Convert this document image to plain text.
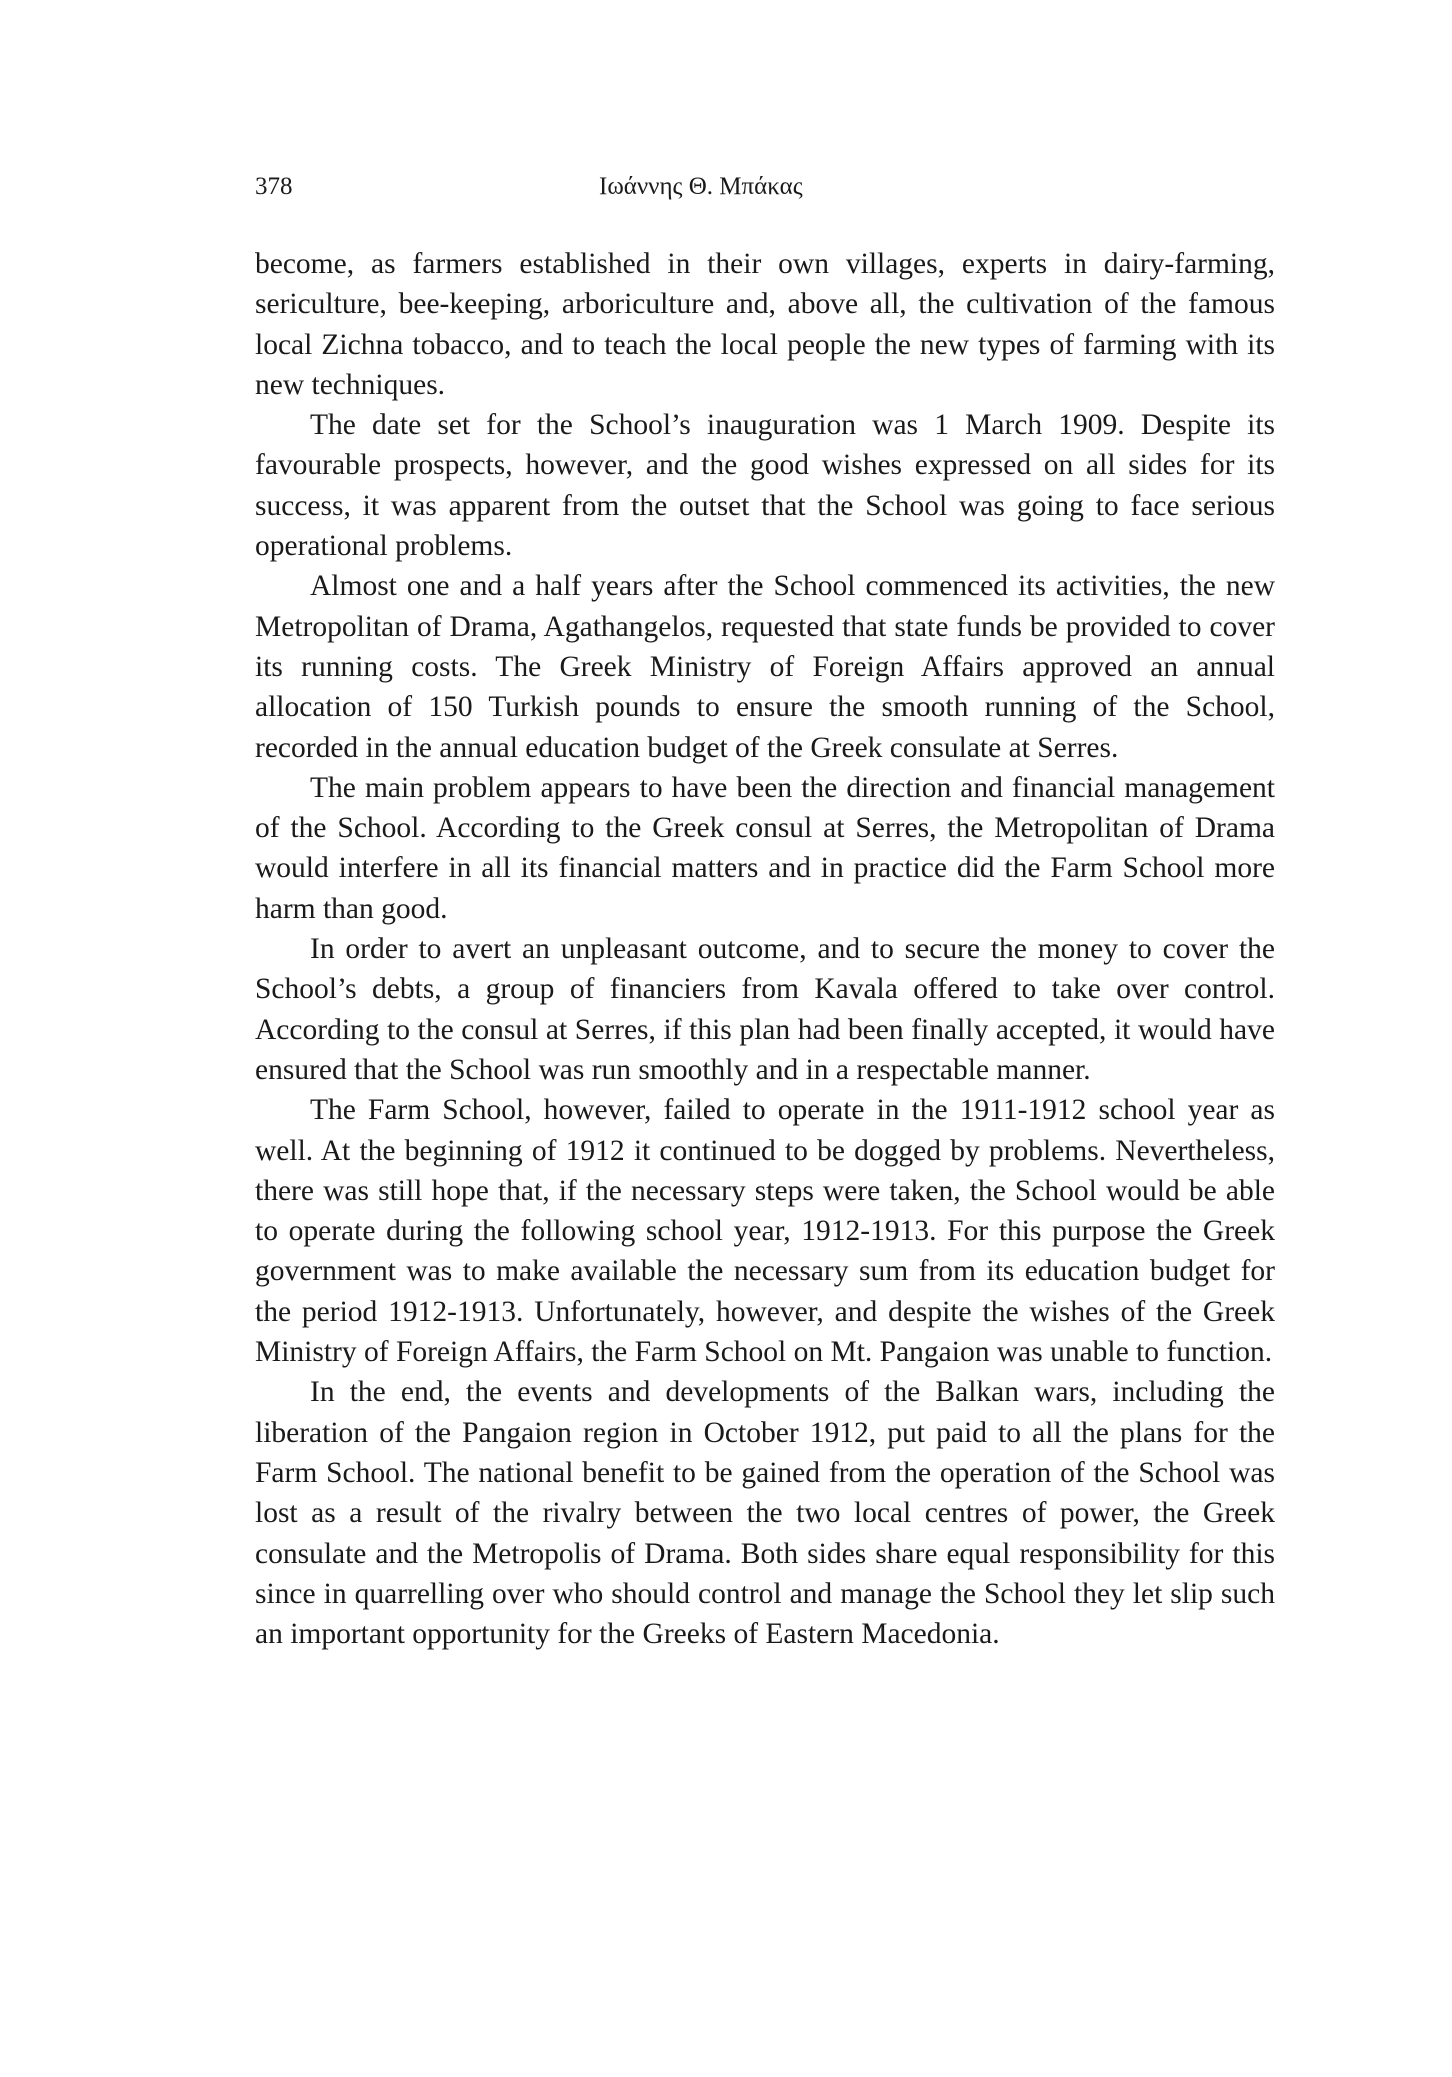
378	Ιωάννης Θ. Μπάκας

become, as farmers established in their own villages, experts in dairy-farming, sericulture, bee-keeping, arboriculture and, above all, the cultivation of the famous local Zichna tobacco, and to teach the local people the new types of farming with its new techniques.

The date set for the School’s inauguration was 1 March 1909. Despite its favourable prospects, however, and the good wishes expressed on all sides for its success, it was apparent from the outset that the School was going to face serious operational problems.

Almost one and a half years after the School commenced its activities, the new Metropolitan of Drama, Agathangelos, requested that state funds be provided to cover its running costs. The Greek Ministry of Foreign Affairs approved an annual allocation of 150 Turkish pounds to ensure the smooth running of the School, recorded in the annual education budget of the Greek consulate at Serres.

The main problem appears to have been the direction and financial management of the School. According to the Greek consul at Serres, the Metropolitan of Drama would interfere in all its financial matters and in practice did the Farm School more harm than good.

In order to avert an unpleasant outcome, and to secure the money to cover the School’s debts, a group of financiers from Kavala offered to take over control. According to the consul at Serres, if this plan had been finally accepted, it would have ensured that the School was run smoothly and in a respectable manner.

The Farm School, however, failed to operate in the 1911-1912 school year as well. At the beginning of 1912 it continued to be dogged by problems. Nevertheless, there was still hope that, if the necessary steps were taken, the School would be able to operate during the following school year, 1912-1913. For this purpose the Greek government was to make available the necessary sum from its education budget for the period 1912-1913. Unfortunately, however, and despite the wishes of the Greek Ministry of Foreign Affairs, the Farm School on Mt. Pangaion was unable to function.

In the end, the events and developments of the Balkan wars, including the liberation of the Pangaion region in October 1912, put paid to all the plans for the Farm School. The national benefit to be gained from the operation of the School was lost as a result of the rivalry between the two local centres of power, the Greek consulate and the Metropolis of Drama. Both sides share equal responsibility for this since in quarrelling over who should control and manage the School they let slip such an important opportunity for the Greeks of Eastern Macedonia.
